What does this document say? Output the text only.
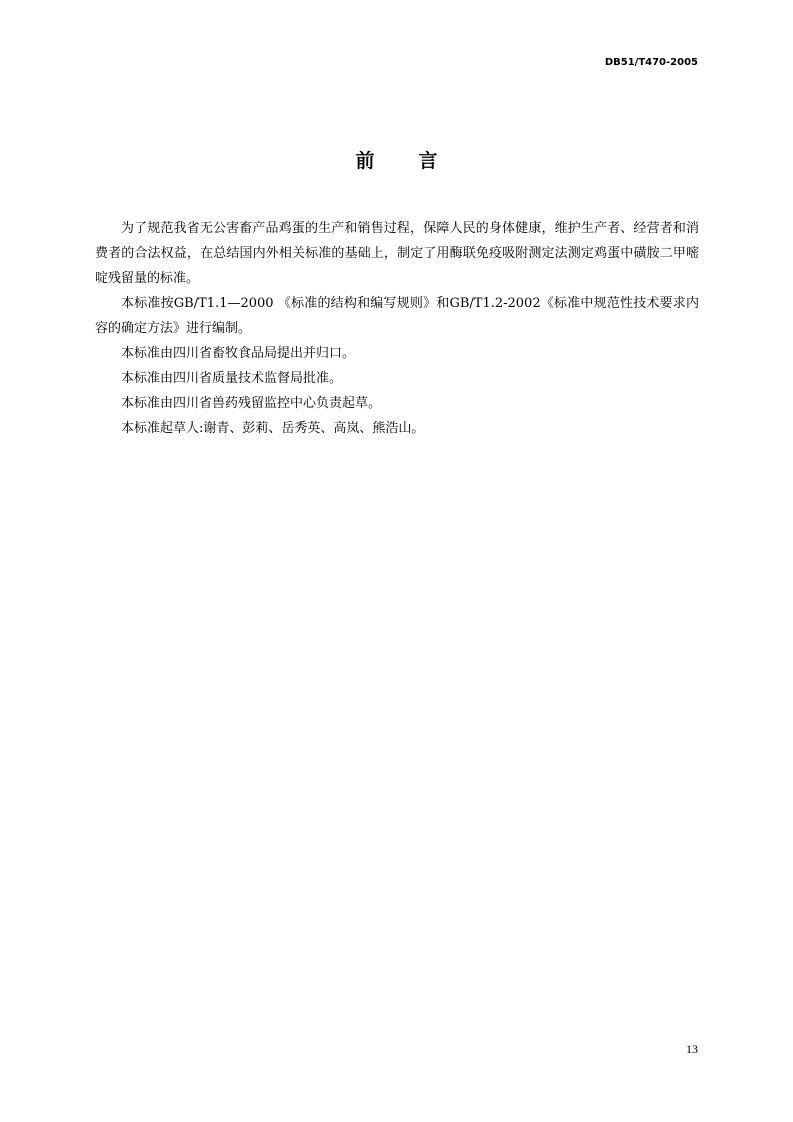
DB51/T470-2005
前 言

为了规范我省无公害畜产品鸡蛋的生产和销售过程，保障人民的身体健康，维护生产者、经营者和消费者的合法权益，在总结国内外相关标准的基础上，制定了用酶联免疫吸附测定法测定鸡蛋中磺胺二甲嘧啶残留量的标准。

本标准按GB/T1.1—2000 《标准的结构和编写规则》和GB/T1.2-2002《标准中规范性技术要求内容的确定方法》进行编制。

本标准由四川省畜牧食品局提出并归口。

本标准由四川省质量技术监督局批准。

本标准由四川省兽药残留监控中心负责起草。

本标准起草人:谢青、彭莉、岳秀英、高岚、熊浩山。

13
